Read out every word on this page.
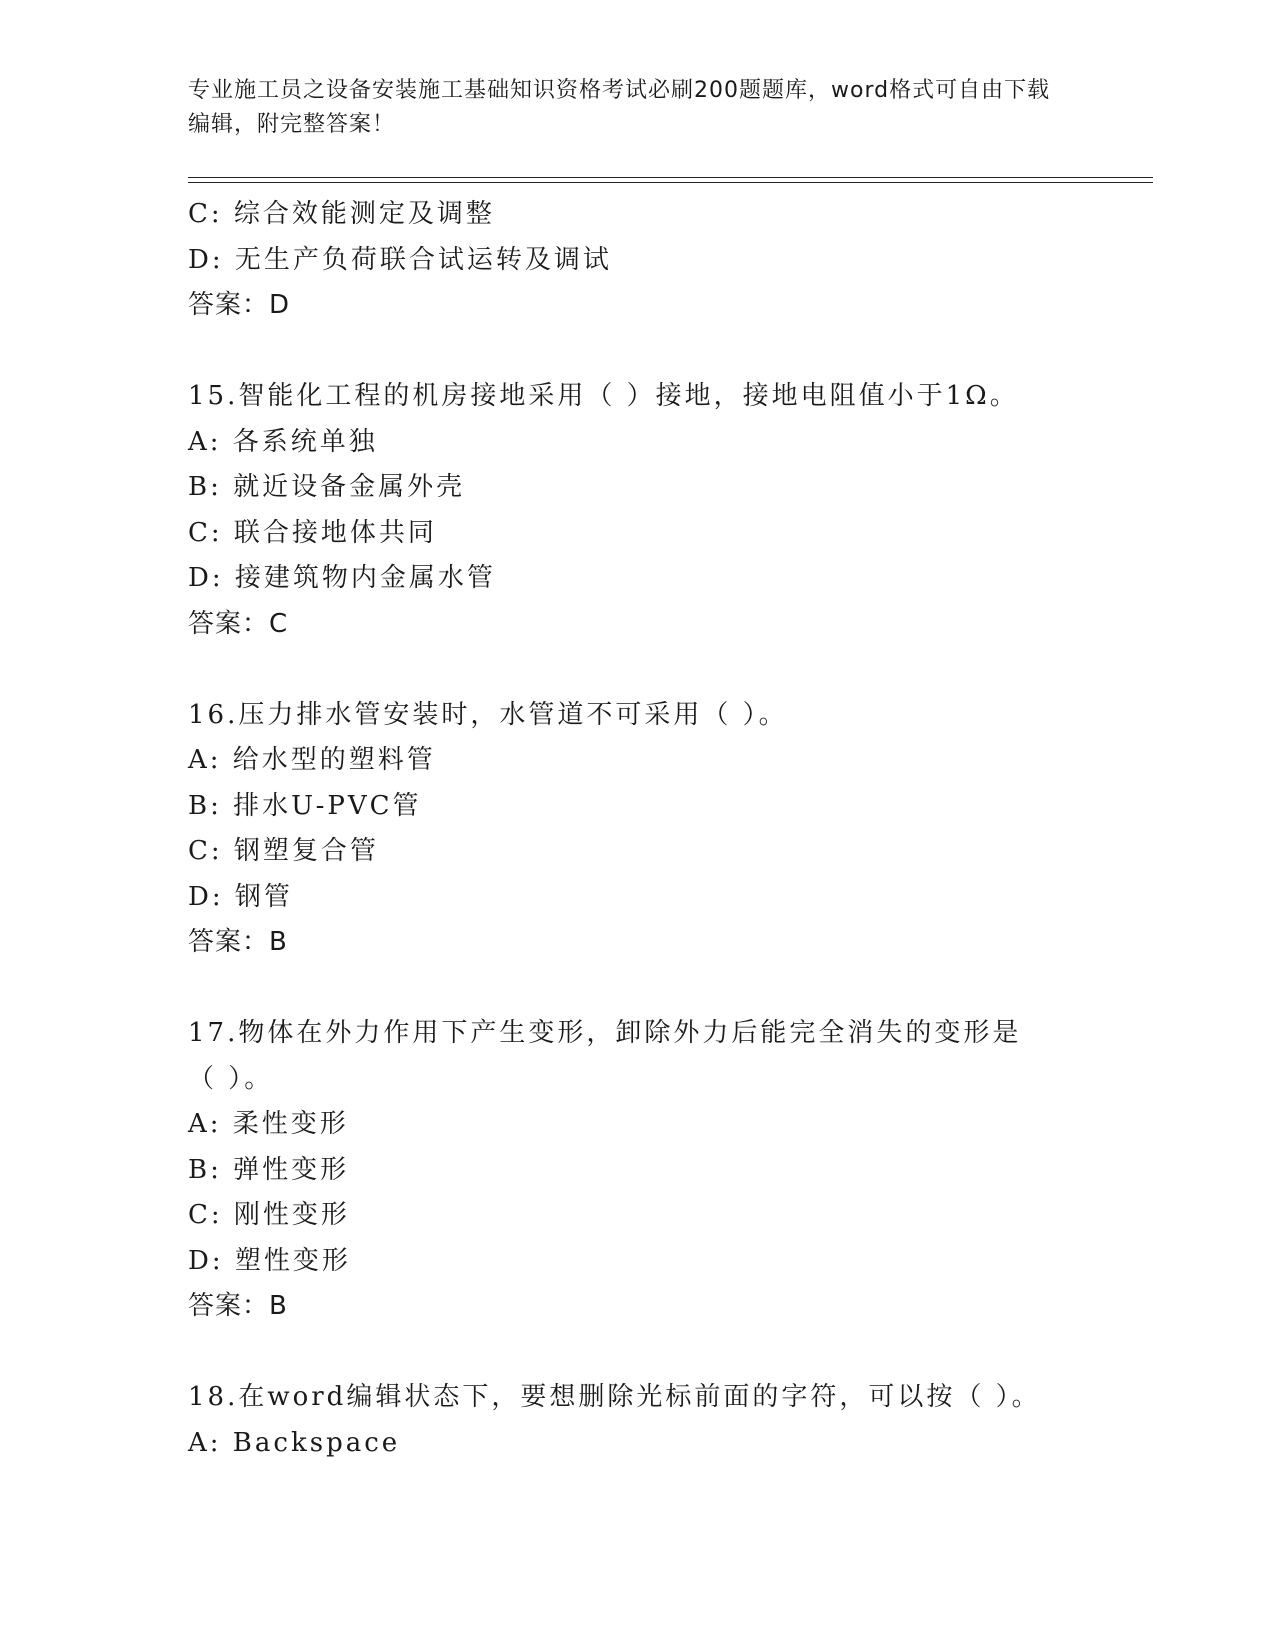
专业施工员之设备安装施工基础知识资格考试必刷200题题库，word格式可自由下载编辑，附完整答案！
C: 综合效能测定及调整
D: 无生产负荷联合试运转及调试
答案：D
15.智能化工程的机房接地采用（ ）接地，接地电阻值小于1Ω。
A: 各系统单独
B: 就近设备金属外壳
C: 联合接地体共同
D: 接建筑物内金属水管
答案：C
16.压力排水管安装时，水管道不可采用（ ）。
A: 给水型的塑料管
B: 排水U-PVC管
C: 钢塑复合管
D: 钢管
答案：B
17.物体在外力作用下产生变形，卸除外力后能完全消失的变形是（ ）。
A: 柔性变形
B: 弹性变形
C: 刚性变形
D: 塑性变形
答案：B
18.在word编辑状态下，要想删除光标前面的字符，可以按（ ）。
A: Backspace
